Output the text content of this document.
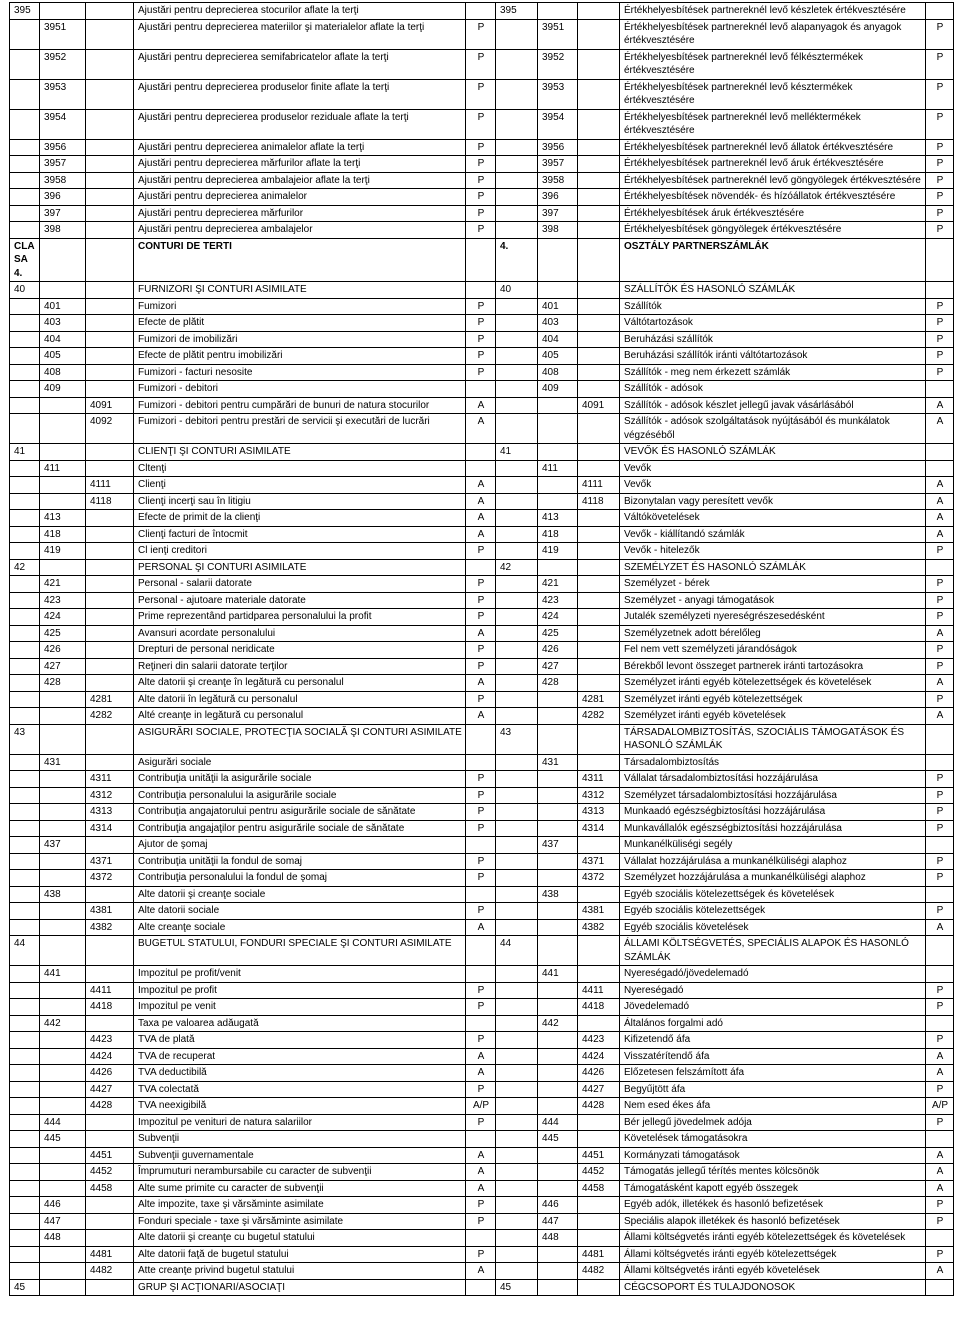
395			Ajustări pentru deprecierea stocurilor aflate la terţi		395			Értékhelyesbítések partnereknél levő készletek értékvesztésére	
	3951		Ajustări pentru deprecierea materiilor şi materialelor aflate la terţi	P		3951		Értékhelyesbítések partnereknél levő alapanyagok és anyagok értékvesztésére	P
	3952		Ajustări pentru deprecierea semifabricatelor aflate la terţi	P		3952		Értékhelyesbítések partnereknél levő félkésztermékek értékvesztésére	P
	3953		Ajustări pentru deprecierea produselor finite aflate la terţi	P		3953		Értékhelyesbítések partnereknél levő késztermékek értékvesztésére	P
	3954		Ajustări pentru deprecierea produselor reziduale aflate la terţi	P		3954		Értékhelyesbítések partnereknél levő melléktermékek értékvesztésére	P
	3956		Ajustări pentru deprecierea animalelor aflate la terţi	P		3956		Értékhelyesbítések partnereknél levő állatok értékvesztésére	P
	3957		Ajustări pentru deprecierea mărfurilor aflate la terţi	P		3957		Értékhelyesbítések partnereknél levő áruk értékvesztésére	P
	3958		Ajustări pentru deprecierea ambalajeior aflate la terţi	P		3958		Értékhelyesbítések partnereknél levő göngyölegek értékvesztésére	P
	396		Ajustări pentru deprecierea animalelor	P		396		Értékhelyesbítések növendék- és hízóállatok értékvesztésére	P
	397		Ajustări pentru deprecierea mărfurilor	P		397		Értékhelyesbítések áruk értékvesztésére	P
	398		Ajustări pentru deprecierea ambalajelor	P		398		Értékhelyesbítések göngyölegek értékvesztésére	P
CLASA 4.			CONTURI DE TERTI		4.			OSZTÁLY PARTNERSZÁMLÁK	
40			FURNIZORI ŞI CONTURI ASIMILATE		40			SZÁLLÍTÓK ÉS HASONLÓ SZÁMLÁK	
	401		Fumizori	P		401		Szállítók	P
	403		Efecte de plătit	P		403		Váltótartozások	P
	404		Fumizori de imobilizări	P		404		Beruházási szállítók	P
	405		Efecte de plătit pentru imobilizări	P		405		Beruházási szállítók iránti váltótartozások	P
	408		Fumizori - facturi nesosite	P		408		Szállítók - meg nem érkezett számlák	P
	409		Fumizori - debitori			409		Szállítók - adósok	
		4091	Fumizori - debitori pentru cumpărări de bunuri de natura stocurilor	A			4091	Szállítók - adósok készlet jellegű javak vásárlásából	A
		4092	Fumizori - debitori pentru prestări de servicii şi executări de lucrări	A				Szállítók - adósok szolgáltatások nyújtásából és munkálatok végzéséből	A
41			CLIENŢI ŞI CONTURI ASIMILATE		41			VEVŐK ÉS HASONLÓ SZÁMLÁK	
	411		Cltenţi			411		Vevők	
		4111	Clienţi	A			4111	Vevők	A
		4118	Clienţi incerţi sau în litigiu	A			4118	Bizonytalan vagy peresített vevők	A
	413		Efecte de primit de la clienţi	A		413		Váltókövetelések	A
	418		Clienţi facturi de întocmit	A		418		Vevők - kiállítandó számlák	A
	419		Cl ienţi creditori	P		419		Vevők - hitelezők	P
42			PERSONAL ŞI CONTURI ASIMILATE		42			SZEMÉLYZET ÉS HASONLÓ SZÁMLÁK	
	421		Personal - salarii datorate	P		421		Személyzet - bérek	P
	423		Personal - ajutoare materiale datorate	P		423		Személyzet - anyagi támogatások	P
	424		Prime reprezentând partidparea personalului la profit	P		424		Jutalék személyzeti nyereségrészesedésként	P
	425		Avansuri acordate personalului	A		425		Személyzetnek adott bérelőleg	A
	426		Drepturi de personal neridicate	P		426		Fel nem vett személyzeti járandóságok	P
	427		Reţineri din salarii datorate terţilor	P		427		Bérekből levont összeget partnerek iránti tartozásokra	P
	428		Alte datorii şi creanţe în legătură cu personalul	A		428		Személyzet iránti egyéb kötelezettségek és követelések	A
		4281	Alte datorii în legătură cu personalul	P			4281	Személyzet iránti egyéb kötelezettségek	P
		4282	Alté creanţe in legătură cu personalul	A			4282	Személyzet iránti egyéb követelések	A
43			ASIGURĂRI SOCIALE, PROTECŢIA SOCIALĂ ŞI CONTURI ASIMILATE		43			TÁRSADALOMBIZTOSÍTÁS, SZOCIÁLIS TÁMOGATÁSOK ÉS HASONLÓ SZÁMLÁK	
	431		Asigurări sociale			431		Társadalombiztosítás	
		4311	Contribuţia unităţii la asigurările sociale	P			4311	Vállalat társadalombiztosítási hozzájárulása	P
		4312	Contribuţia personalului la asigurările sociale	P			4312	Személyzet társadalombiztosítási hozzájárulása	P
		4313	Contribuţia angajatorului pentru asigurările sociale de sănătate	P			4313	Munkaadó egészségbiztosítási hozzájárulása	P
		4314	Contribuţia angajaţilor pentru asigurările sociale de sănătate	P			4314	Munkavállalók egészségbiztosítási hozzájárulása	P
	437		Ajutor de şomaj			437		Munkanélküliségi segély	
		4371	Contribuţia unităţii la fondul de somaj	P			4371	Vállalat hozzájárulása a munkanélküliségi alaphoz	P
		4372	Contribuţia personalului la fondul de şomaj	P			4372	Személyzet hozzájárulása a munkanélküliségi alaphoz	P
	438		Alte datorii şi creanţe sociale			438		Egyéb szociális kötelezettségek és követelések	
		4381	Alte datorii sociale	P			4381	Egyéb szociális kötelezettségek	P
		4382	Alte creanţe sociale	A			4382	Egyéb szociális követelések	A
44			BUGETUL STATULUI, FONDURI SPECIALE ŞI CONTURI ASIMILATE		44			ÁLLAMI KÖLTSÉGVETÉS, SPECIÁLIS ALAPOK ÉS HASONLÓ SZÁMLÁK	
	441		Impozitul pe profit/venit			441		Nyereségadó/jövedelemadó	
		4411	Impozitul pe profit	P			4411	Nyereségadó	P
		4418	Impozitul pe venit	P			4418	Jövedelemadó	P
	442		Taxa pe valoarea adăugată			442		Általános forgalmi adó	
		4423	TVA de plată	P			4423	Kifizetendő áfa	P
		4424	TVA de recuperat	A			4424	Visszatérítendő áfa	A
		4426	TVA deductibilă	A			4426	Előzetesen felszámított áfa	A
		4427	TVA colectată	P			4427	Begyűjtött áfa	P
		4428	TVA neexigibilă	A/P			4428	Nem esed ékes áfa	A/P
	444		Impozitul pe venituri de natura salariilor	P		444		Bér jellegű jövedelmek adója	P
	445		Subvenţii			445		Követelések támogatásokra	
		4451	Subvenţii guvernamentale	A			4451	Kormányzati támogatások	A
		4452	Împrumuturi nerambursabile cu caracter de subvenţii	A			4452	Támogatás jellegű térítés mentes kölcsönök	A
		4458	Alte sume primite cu caracter de subvenţii	A			4458	Támogatásként kapott egyéb összegek	A
	446		Alte impozite, taxe şi vărsăminte asimilate	P		446		Egyéb adók, illetékek és hasonló befizetések	P
	447		Fonduri speciale - taxe şi vărsăminte asimilate	P		447		Speciális alapok illetékek és hasonló befizetések	P
	448		Alte datorii şi creanţe cu bugetul statului			448		Állami költségvetés iránti egyéb kötelezettségek és követelések	
		4481	Alte datorii faţă de bugetul statului	P			4481	Állami költségvetés iránti egyéb kötelezettségek	P
		4482	Atte creanţe privind bugetul statului	A			4482	Állami költségvetés iránti egyéb követelések	A
45			GRUP ŞI ACŢIONARI/ASOCIAŢI		45			CÉGCSOPORT ÉS TULAJDONOSOK	
